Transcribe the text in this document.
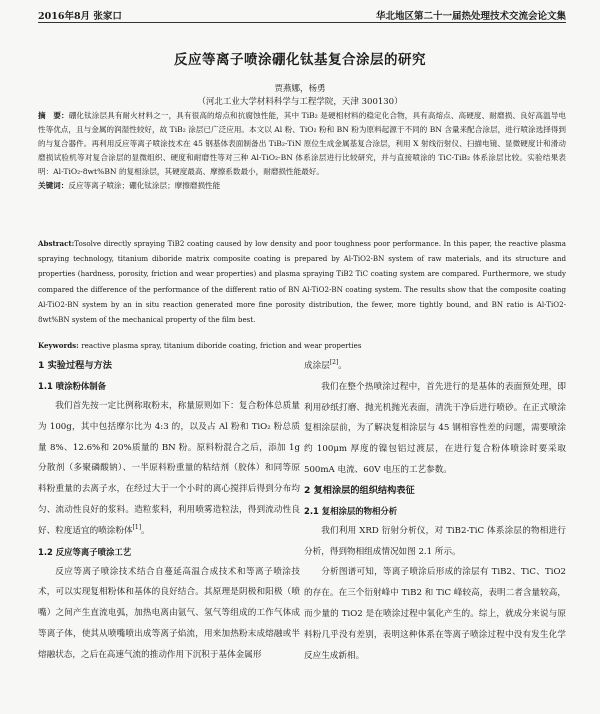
2016年8月 张家口	华北地区第二十一届热处理技术交流会论文集
反应等离子喷涂硼化钛基复合涂层的研究
贾燕娜，杨勇
（河北工业大学材料科学与工程学院，天津 300130）
摘　要：硼化钛涂层具有耐火材料之一，具有很高的熔点和抗腐蚀性能，其中 TiB₂ 是硬相材料的稳定化合物，具有高熔点、高硬度、耐磨损、良好高温导电性等优点，且与金属的润湿性较好，故 TiB₂ 涂层已广泛应用。本文以 Al 粉、TiO₂ 粉和 BN 粉为原料起源于不同的 BN 含量来配合涂层，进行喷涂选择得到的与复合器件。再利用反应等离子喷涂技术在 45 钢基体表面制备出 TiB₂-TiN 原位生成金属基复合涂层，利用 X 射线衍射仪、扫描电镜、显微硬度计和滑动磨损试验机等对复合涂层的显微组织、硬度和耐磨性等对三种 Al-TiO₂-BN 体系涂层进行比较研究，并与直接喷涂的 TiC-TiB₂ 体系涂层比较。实验结果表明：Al-TiO₂-8wt%BN 的复相涂层，其硬度最高、摩擦系数最小，耐磨损性能最好。
关键词：反应等离子喷涂；硼化钛涂层；摩擦磨损性能
Abstract:Tosolve directly spraying TiB2 coating caused by low density and poor toughness poor performance. In this paper, the reactive plasma spraying technology, titanium diboride matrix composite coating is prepared by Al-TiO2-BN system of raw materials, and its structure and properties (hardness, porosity, friction and wear properties) and plasma spraying TiB2 TiC coating system are compared. Furthermore, we study compared the difference of the performance of the different ratio of BN Al-TiO2-BN coating system. The results show that the composite coating Al-TiO2-BN system by an in situ reaction generated more fine porosity distribution, the fewer, more tightly bound, and BN ratio is Al-TiO2-8wt%BN system of the mechanical property of the film best.
Keywords: reactive plasma spray, titanium diboride coating, friction and wear properties
1 实验过程与方法
1.1 喷涂粉体制备

我们首先按一定比例称取粉末，称量原则如下：复合粉体总质量为 100g，其中包括摩尔比为 4:3 的，以及占 Al 粉和 TiO₂ 粉总质量 8%、12.6%和 20%质量的 BN 粉。原料粉混合之后，添加 1g 分散剂（多聚磷酸钠）、一半原料粉重量的粘结剂（胶体）和同等原料粉重量的去离子水，在经过大于一个小时的离心搅拌后得到分布均匀、流动性良好的浆料。造粒浆料，利用喷雾造粒法，得到流动性良好、粒度适宜的喷涂粉体[1]。

1.2 反应等离子喷涂工艺

反应等离子喷涂技术结合自蔓延高温合成技术和等离子喷涂技术，可以实现复相粉体和基体的良好结合。其原理是阴极和阳极（喷嘴）之间产生直流电弧，加热电离由氩气、氢气等组成的工作气体成等离子体，使其从喷嘴喷出成等离子焰流，用来加热粉末成熔融或半熔融状态，之后在高速气流的推动作用下沉积于基体金属形

成涂层[2]。

我们在整个热喷涂过程中，首先进行的是基体的表面预处理，即利用砂纸打磨、抛光机抛光表面，清洗干净后进行喷砂。在正式喷涂复相涂层前，为了解决复相涂层与 45 钢相容性差的问题，需要喷涂约 100μm 厚度的镍包铝过渡层，在进行复合粉体喷涂时要采取 500mA 电流、60V 电压的工艺参数。

2 复相涂层的组织结构表征
2.1 复相涂层的物相分析

我们利用 XRD 衍射分析仪，对 TiB2-TiC 体系涂层的物相进行分析，得到物相组成情况如图 2.1 所示。

分析图谱可知，等离子喷涂后形成的涂层有 TiB2、TiC、TiO2 的存在。在三个衍射峰中 TiB2 和 TiC 峰较高，表明二者含量较高，而少量的 TiO2 是在喷涂过程中氧化产生的。综上，就成分来说与原料粉几乎没有差别，表明这种体系在等离子喷涂过程中没有发生化学反应生成新相。
